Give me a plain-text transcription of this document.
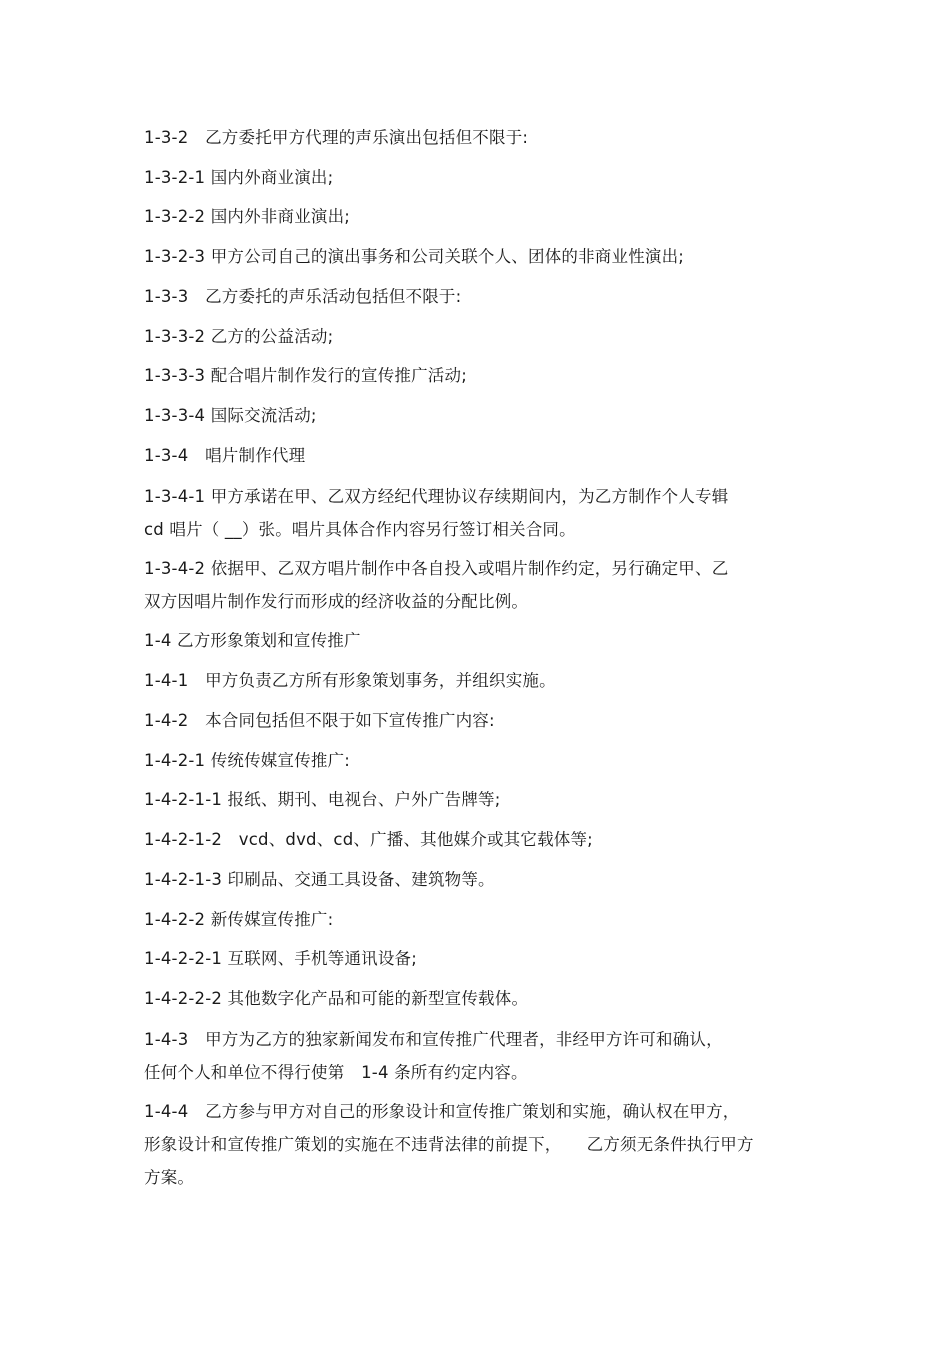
1-3-2　乙方委托甲方代理的声乐演出包括但不限于:
1-3-2-1 国内外商业演出;
1-3-2-2 国内外非商业演出;
1-3-2-3 甲方公司自己的演出事务和公司关联个人、团体的非商业性演出;
1-3-3　乙方委托的声乐活动包括但不限于:
1-3-3-2 乙方的公益活动;
1-3-3-3 配合唱片制作发行的宣传推广活动;
1-3-3-4 国际交流活动;
1-3-4　唱片制作代理
1-3-4-1 甲方承诺在甲、乙双方经纪代理协议存续期间内，为乙方制作个人专辑
cd 唱片（ __）张。唱片具体合作内容另行签订相关合同。
1-3-4-2 依据甲、乙双方唱片制作中各自投入或唱片制作约定，另行确定甲、乙
双方因唱片制作发行而形成的经济收益的分配比例。
1-4 乙方形象策划和宣传推广
1-4-1　甲方负责乙方所有形象策划事务，并组织实施。
1-4-2　本合同包括但不限于如下宣传推广内容:
1-4-2-1 传统传媒宣传推广:
1-4-2-1-1 报纸、期刊、电视台、户外广告牌等;
1-4-2-1-2　vcd、dvd、cd、广播、其他媒介或其它载体等;
1-4-2-1-3 印刷品、交通工具设备、建筑物等。
1-4-2-2 新传媒宣传推广:
1-4-2-2-1 互联网、手机等通讯设备;
1-4-2-2-2 其他数字化产品和可能的新型宣传载体。
1-4-3　甲方为乙方的独家新闻发布和宣传推广代理者，非经甲方许可和确认，
任何个人和单位不得行使第　1-4 条所有约定内容。
1-4-4　乙方参与甲方对自己的形象设计和宣传推广策划和实施，确认权在甲方，
形象设计和宣传推广策划的实施在不违背法律的前提下，　　乙方须无条件执行甲方
方案。
